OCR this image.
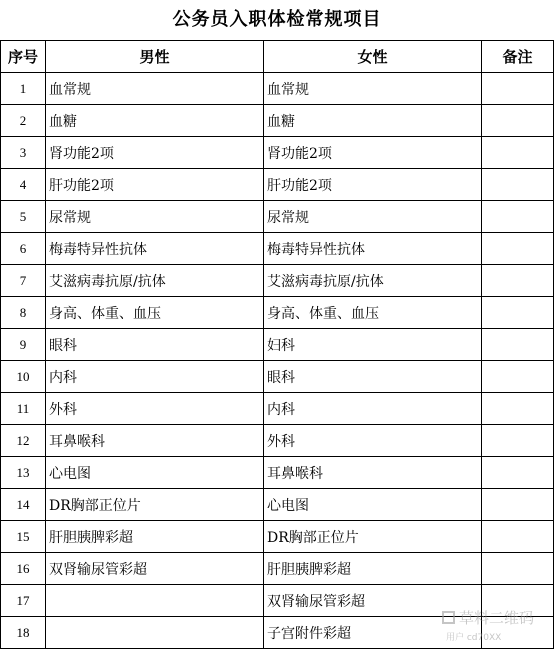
公务员入职体检常规项目
序号	男性	女性	备注
1	血常规	血常规	
2	血糖	血糖	
3	肾功能2项	肾功能2项	
4	肝功能2项	肝功能2项	
5	尿常规	尿常规	
6	梅毒特异性抗体	梅毒特异性抗体	
7	艾滋病毒抗原/抗体	艾滋病毒抗原/抗体	
8	身高、体重、血压	身高、体重、血压	
9	眼科	妇科	
10	内科	眼科	
11	外科	内科	
12	耳鼻喉科	外科	
13	心电图	耳鼻喉科	
14	DR胸部正位片	心电图	
15	肝胆胰脾彩超	DR胸部正位片	
16	双肾输尿管彩超	肝胆胰脾彩超	
17		双肾输尿管彩超	
18		子宫附件彩超	
草料二维码
用户 cd70XX
